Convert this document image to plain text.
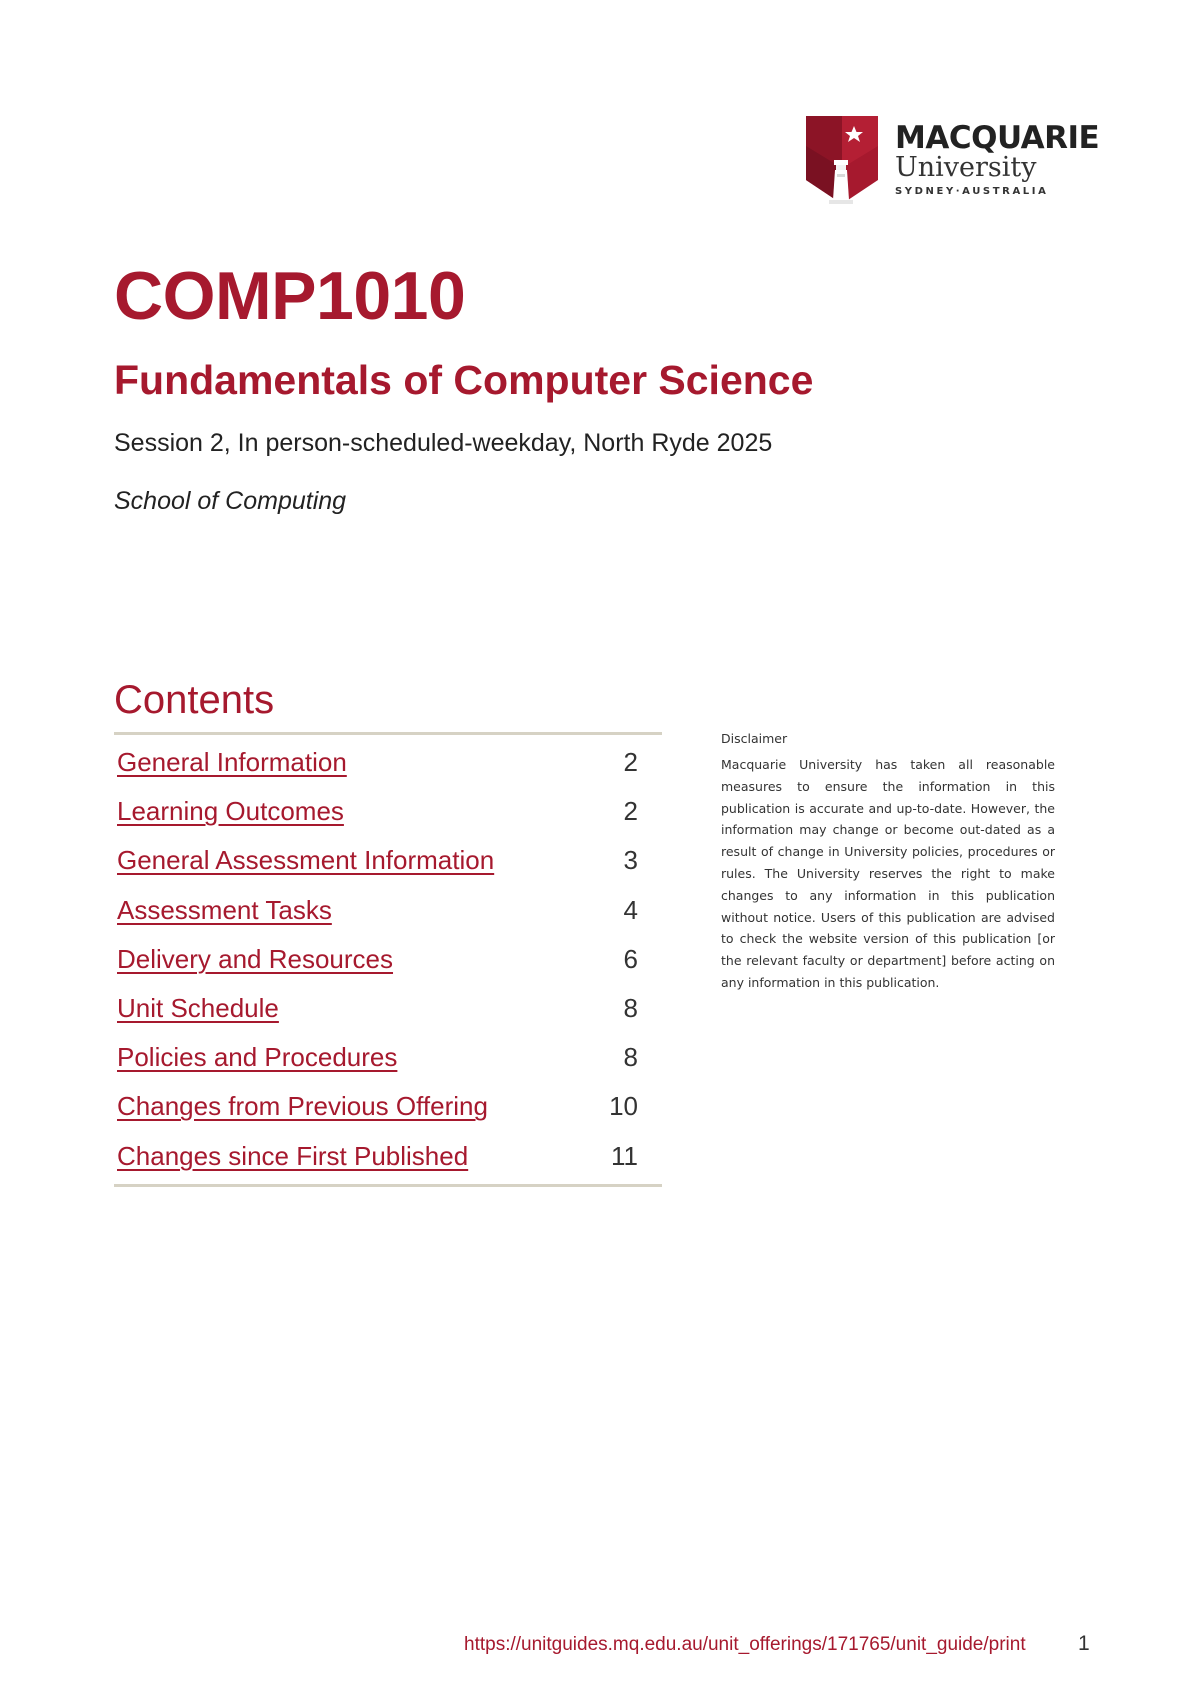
MACQUARIE
University
SYDNEY·AUSTRALIA
COMP1010
Fundamentals of Computer Science
Session 2, In person-scheduled-weekday, North Ryde 2025
School of Computing
Contents
General Information	2
Learning Outcomes	2
General Assessment Information	3
Assessment Tasks	4
Delivery and Resources	6
Unit Schedule	8
Policies and Procedures	8
Changes from Previous Offering	10
Changes since First Published	11
Disclaimer

Macquarie University has taken all reasonable measures to ensure the information in this publication is accurate and up-to-date. However, the information may change or become out-dated as a result of change in University policies, procedures or rules. The University reserves the right to make changes to any information in this publication without notice. Users of this publication are advised to check the website version of this publication [or the relevant faculty or department] before acting on any information in this publication.

https://unitguides.mq.edu.au/unit_offerings/171765/unit_guide/print 1
